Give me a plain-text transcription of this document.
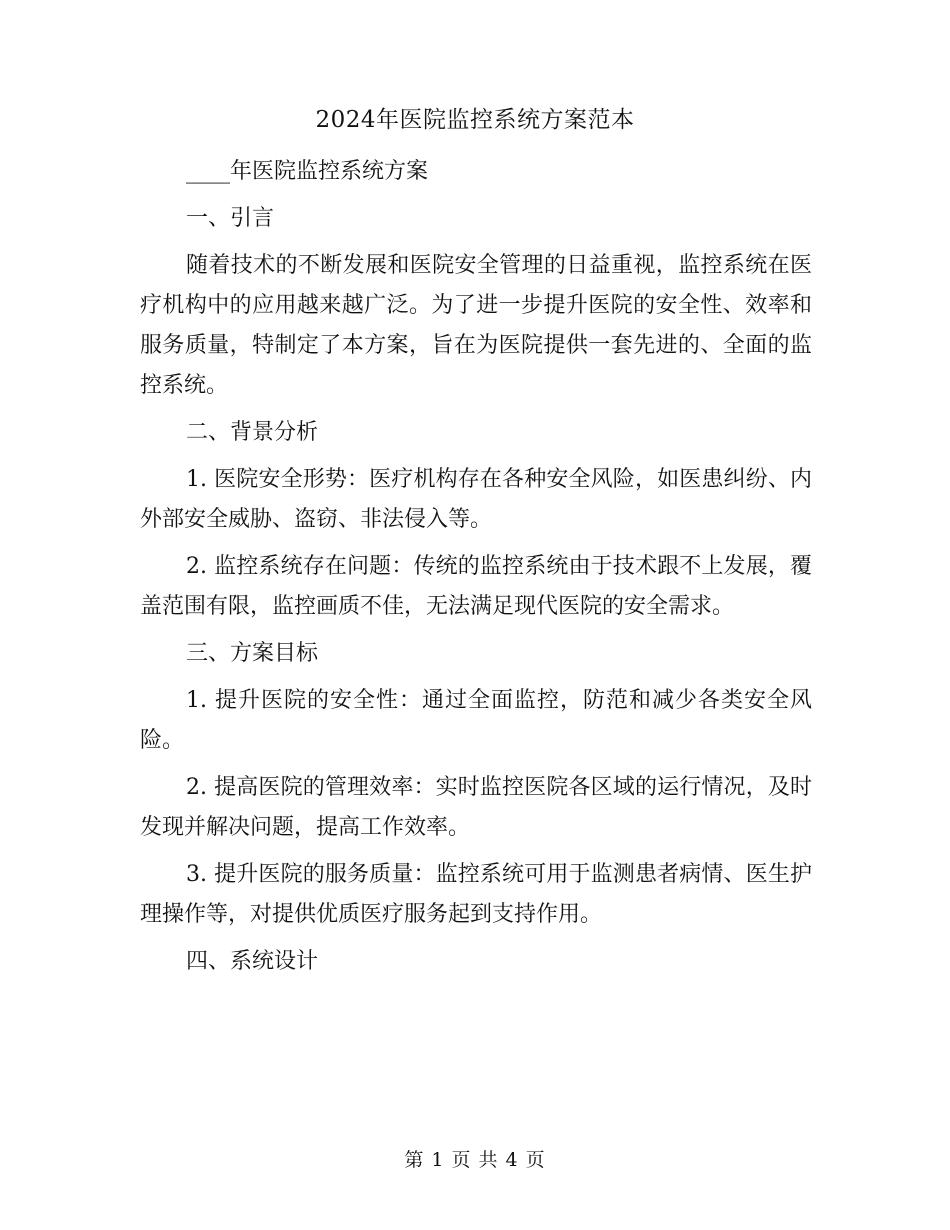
2024年医院监控系统方案范本

____年医院监控系统方案

一、引言

随着技术的不断发展和医院安全管理的日益重视，监控系统在医疗机构中的应用越来越广泛。为了进一步提升医院的安全性、效率和服务质量，特制定了本方案，旨在为医院提供一套先进的、全面的监控系统。

二、背景分析

1. 医院安全形势：医疗机构存在各种安全风险，如医患纠纷、内外部安全威胁、盗窃、非法侵入等。

2. 监控系统存在问题：传统的监控系统由于技术跟不上发展，覆盖范围有限，监控画质不佳，无法满足现代医院的安全需求。

三、方案目标

1. 提升医院的安全性：通过全面监控，防范和减少各类安全风险。

2. 提高医院的管理效率：实时监控医院各区域的运行情况，及时发现并解决问题，提高工作效率。

3. 提升医院的服务质量：监控系统可用于监测患者病情、医生护理操作等，对提供优质医疗服务起到支持作用。

四、系统设计

第 1 页 共 4 页
